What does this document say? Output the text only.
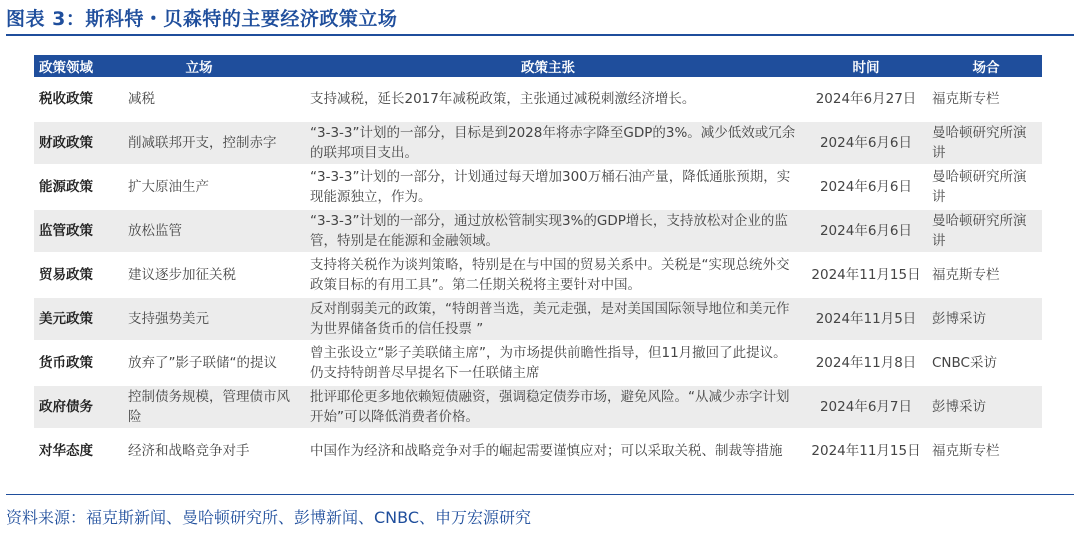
图表 3：斯科特・贝森特的主要经济政策立场
政策领域	立场	政策主张	时间	场合
税收政策	减税	支持减税，延长2017年减税政策，主张通过减税刺激经济增长。	2024年6月27日	福克斯专栏
财政政策	削减联邦开支，控制赤字	“3-3-3”计划的一部分，目标是到2028年将赤字降至GDP的3%。减少低效或冗余的联邦项目支出。	2024年6月6日	曼哈顿研究所演讲
能源政策	扩大原油生产	“3-3-3”计划的一部分，计划通过每天增加300万桶石油产量，降低通胀预期，实现能源独立，作为。	2024年6月6日	曼哈顿研究所演讲
监管政策	放松监管	“3-3-3”计划的一部分，通过放松管制实现3%的GDP增长，支持放松对企业的监管，特别是在能源和金融领域。	2024年6月6日	曼哈顿研究所演讲
贸易政策	建议逐步加征关税	支持将关税作为谈判策略，特别是在与中国的贸易关系中。关税是“实现总统外交政策目标的有用工具”。第二任期关税将主要针对中国。	2024年11月15日	福克斯专栏
美元政策	支持强势美元	反对削弱美元的政策，“特朗普当选，美元走强，是对美国国际领导地位和美元作为世界储备货币的信任投票 ”	2024年11月5日	彭博采访
货币政策	放弃了”影子联储“的提议	曾主张设立“影子美联储主席”，为市场提供前瞻性指导，但11月撤回了此提议。仍支持特朗普尽早提名下一任联储主席	2024年11月8日	CNBC采访
政府债务	控制债务规模，管理债市风险	批评耶伦更多地依赖短债融资，强调稳定债券市场，避免风险。“从减少赤字计划开始”可以降低消费者价格。	2024年6月7日	彭博采访
对华态度	经济和战略竞争对手	中国作为经济和战略竞争对手的崛起需要谨慎应对；可以采取关税、制裁等措施	2024年11月15日	福克斯专栏
资料来源：福克斯新闻、曼哈顿研究所、彭博新闻、CNBC、申万宏源研究
